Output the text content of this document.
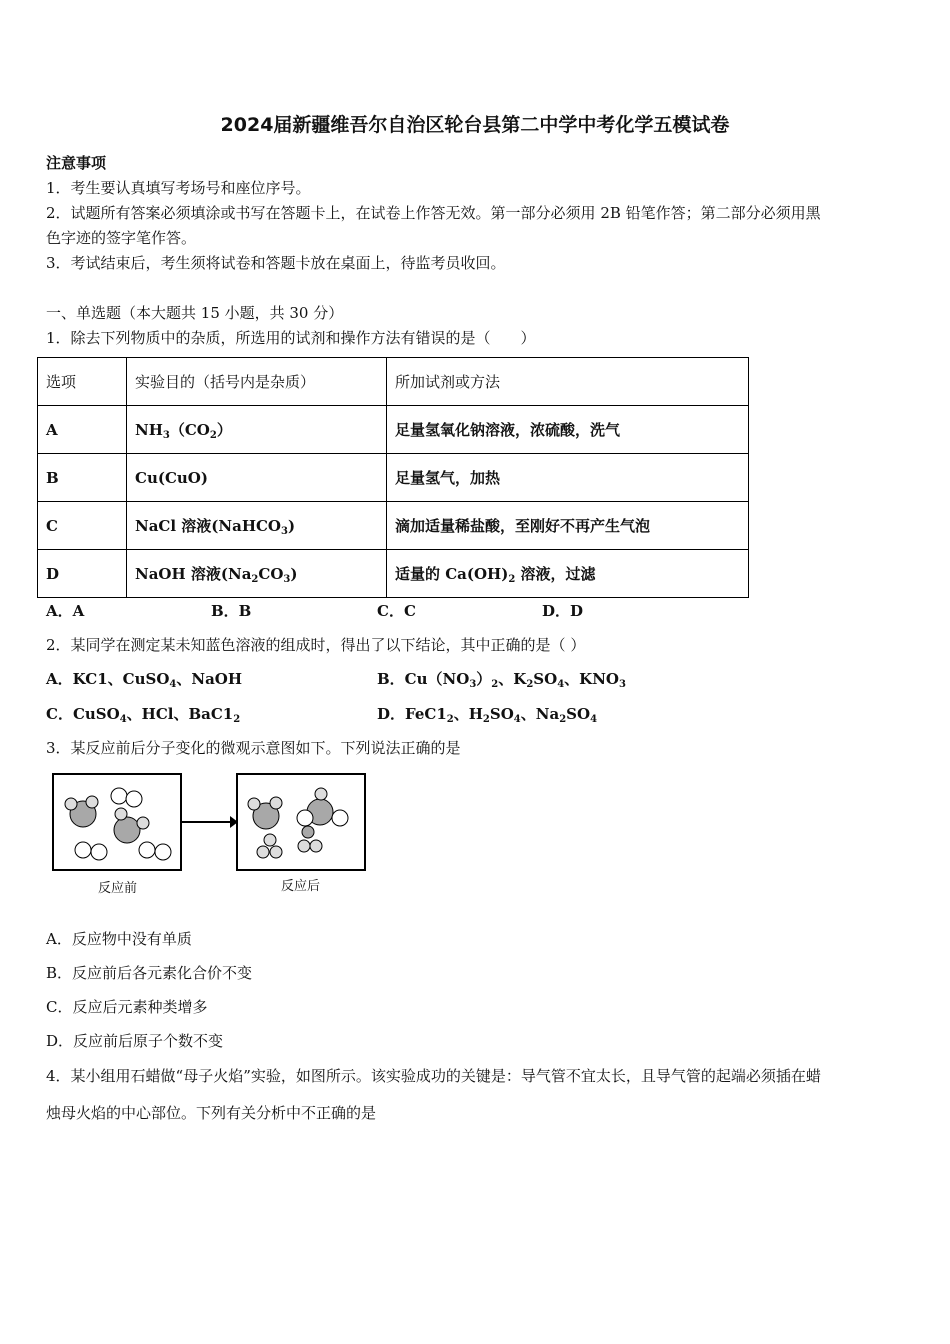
2024届新疆维吾尔自治区轮台县第二中学中考化学五模试卷
注意事项
1．考生要认真填写考场号和座位序号。
2．试题所有答案必须填涂或书写在答题卡上，在试卷上作答无效。第一部分必须用 2B 铅笔作答；第二部分必须用黑
色字迹的签字笔作答。
3．考试结束后，考生须将试卷和答题卡放在桌面上，待监考员收回。
一、单选题（本大题共 15 小题，共 30 分）
1．除去下列物质中的杂质，所选用的试剂和操作方法有错误的是（　　）
选项	实验目的（括号内是杂质）	所加试剂或方法
A	$NH_3(CO_2)$	足量氢氧化钠溶液，浓硫酸，洗气
B	Cu(CuO)	足量氢气，加热
C	NaCl 溶液(NaHCO$_3$)	滴加适量稀盐酸，至刚好不再产生气泡
D	NaOH 溶液$(Na_2CO_3)$	适量的 $Ca(OH)_2$ 溶液，过滤
A．A	B．B	C．C	D．D
2．某同学在测定某未知蓝色溶液的组成时，得出了以下结论，其中正确的是（ ）
A．KC1、CuSO$_4$、NaOH	B．$Cu(NO_3)_2$、$K_2SO_4$、$KNO_3$
C．CuSO$_4$、HCl、$BaC1_2$	D．$FeC1_2$、$H_2SO_4$、$Na_2SO_4$
3．某反应前后分子变化的微观示意图如下。下列说法正确的是
反应前	反应后
A．反应物中没有单质
B．反应前后各元素化合价不变
C．反应后元素种类增多
D．反应前后原子个数不变
4．某小组用石蜡做“母子火焰”实验，如图所示。该实验成功的关键是：导气管不宜太长，且导气管的起端必须插在蜡
烛母火焰的中心部位。下列有关分析中不正确的是
